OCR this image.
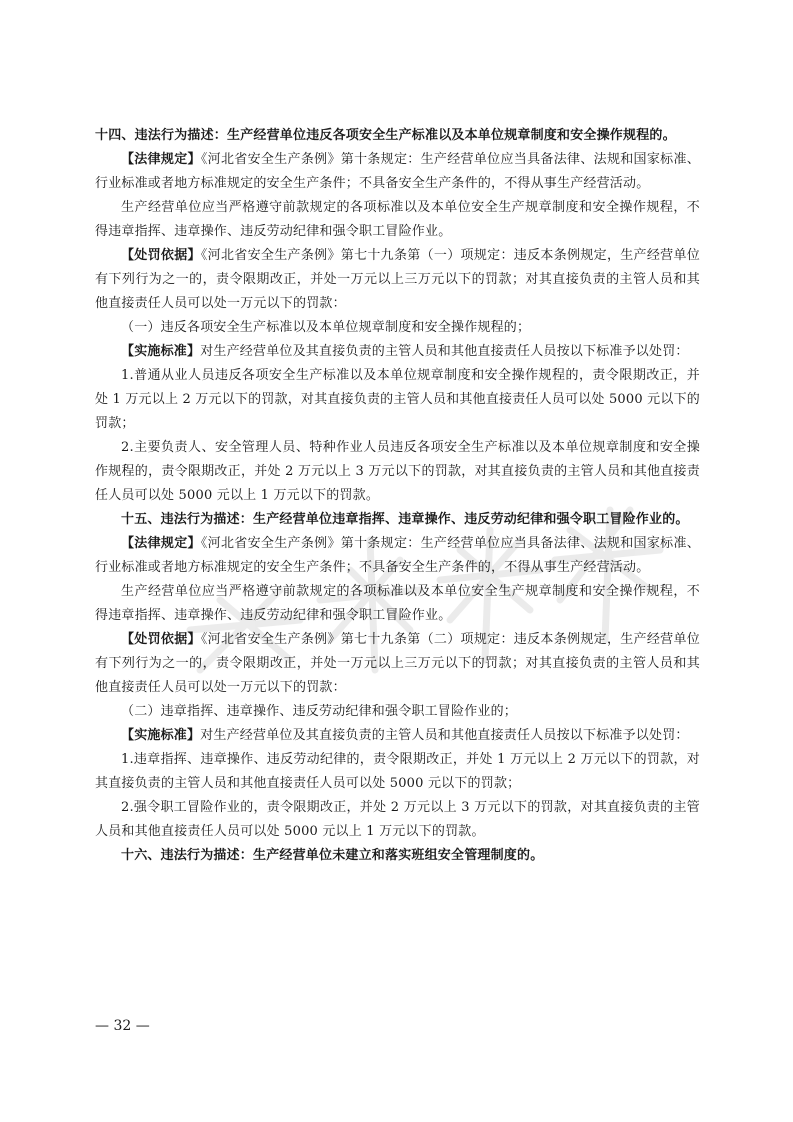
十四、违法行为描述：生产经营单位违反各项安全生产标准以及本单位规章制度和安全操作规程的。

【法律规定】《河北省安全生产条例》第十条规定：生产经营单位应当具备法律、法规和国家标准、行业标准或者地方标准规定的安全生产条件；不具备安全生产条件的，不得从事生产经营活动。

生产经营单位应当严格遵守前款规定的各项标准以及本单位安全生产规章制度和安全操作规程，不得违章指挥、违章操作、违反劳动纪律和强令职工冒险作业。

【处罚依据】《河北省安全生产条例》第七十九条第（一）项规定：违反本条例规定，生产经营单位有下列行为之一的，责令限期改正，并处一万元以上三万元以下的罚款；对其直接负责的主管人员和其他直接责任人员可以处一万元以下的罚款：

（一）违反各项安全生产标准以及本单位规章制度和安全操作规程的；

【实施标准】对生产经营单位及其直接负责的主管人员和其他直接责任人员按以下标准予以处罚：

1.普通从业人员违反各项安全生产标准以及本单位规章制度和安全操作规程的，责令限期改正，并处 1 万元以上 2 万元以下的罚款，对其直接负责的主管人员和其他直接责任人员可以处 5000 元以下的罚款；

2.主要负责人、安全管理人员、特种作业人员违反各项安全生产标准以及本单位规章制度和安全操作规程的，责令限期改正，并处 2 万元以上 3 万元以下的罚款，对其直接负责的主管人员和其他直接责任人员可以处 5000 元以上 1 万元以下的罚款。

十五、违法行为描述：生产经营单位违章指挥、违章操作、违反劳动纪律和强令职工冒险作业的。

【法律规定】《河北省安全生产条例》第十条规定：生产经营单位应当具备法律、法规和国家标准、行业标准或者地方标准规定的安全生产条件；不具备安全生产条件的，不得从事生产经营活动。

生产经营单位应当严格遵守前款规定的各项标准以及本单位安全生产规章制度和安全操作规程，不得违章指挥、违章操作、违反劳动纪律和强令职工冒险作业。

【处罚依据】《河北省安全生产条例》第七十九条第（二）项规定：违反本条例规定，生产经营单位有下列行为之一的，责令限期改正，并处一万元以上三万元以下的罚款；对其直接负责的主管人员和其他直接责任人员可以处一万元以下的罚款：

（二）违章指挥、违章操作、违反劳动纪律和强令职工冒险作业的；

【实施标准】对生产经营单位及其直接负责的主管人员和其他直接责任人员按以下标准予以处罚：

1.违章指挥、违章操作、违反劳动纪律的，责令限期改正，并处 1 万元以上 2 万元以下的罚款，对其直接负责的主管人员和其他直接责任人员可以处 5000 元以下的罚款；

2.强令职工冒险作业的，责令限期改正，并处 2 万元以上 3 万元以下的罚款，对其直接负责的主管人员和其他直接责任人员可以处 5000 元以上 1 万元以下的罚款。

十六、违法行为描述：生产经营单位未建立和落实班组安全管理制度的。

— 32 —
